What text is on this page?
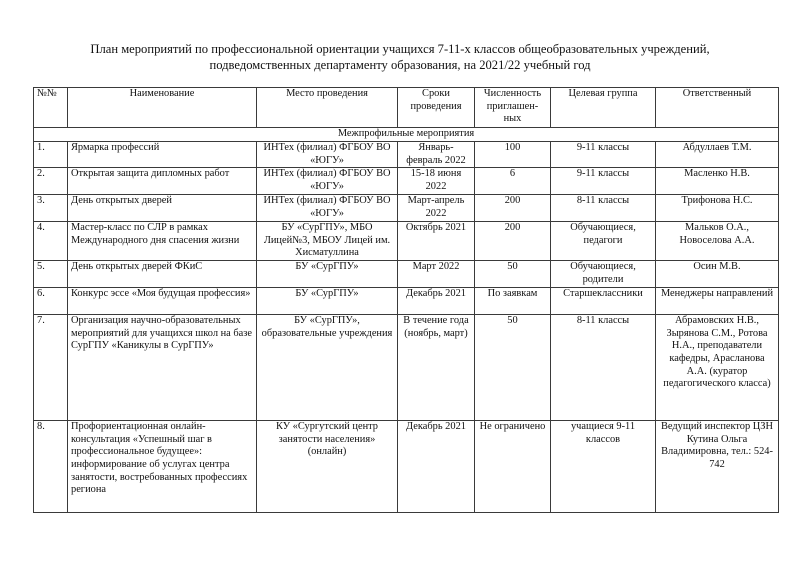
План мероприятий по профессиональной ориентации учащихся 7-11-х классов общеобразовательных учреждений,
подведомственных департаменту образования, на 2021/22 учебный год
№№	Наименование	Место проведения	Сроки проведения	Численность приглашен-ных	Целевая группа	Ответственный
Межпрофильные мероприятия						
1.	Ярмарка профессий	ИНТех (филиал) ФГБОУ ВО «ЮГУ»	Январь-февраль 2022	100	9-11 классы	Абдуллаев Т.М.
2.	Открытая защита дипломных работ	ИНТех (филиал) ФГБОУ ВО «ЮГУ»	15-18 июня 2022	6	9-11 классы	Масленко Н.В.
3.	День открытых дверей	ИНТех (филиал) ФГБОУ ВО «ЮГУ»	Март-апрель 2022	200	8-11 классы	Трифонова Н.С.
4.	Мастер-класс по СЛР в рамках Международного дня спасения жизни	БУ «СурГПУ», МБО Лицей№3, МБОУ Лицей им. Хисматуллина	Октябрь 2021	200	Обучающиеся, педагоги	Мальков О.А., Новоселова А.А.
5.	День открытых дверей ФКиС	БУ «СурГПУ»	Март 2022	50	Обучающиеся, родители	Осин М.В.
6.	Конкурс эссе «Моя будущая профессия»	БУ «СурГПУ»	Декабрь 2021	По заявкам	Старшеклассники	Менеджеры направлений
7.	Организация научно-образовательных мероприятий для учащихся школ на базе СурГПУ «Каникулы в СурГПУ»	БУ «СурГПУ», образовательные учреждения	В течение года (ноябрь, март)	50	8-11 классы	Абрамовских Н.В., Зырянова С.М., Ротова Н.А., преподаватели кафедры, Арасланова А.А. (куратор педагогического класса)
8.	Профориентационная онлайн-консультация «Успешный шаг в профессиональное будущее»: информирование об услугах центра занятости, востребованных профессиях региона	КУ «Сургутский центр занятости населения» (онлайн)	Декабрь 2021	Не ограничено	учащиеся 9-11 классов	Ведущий инспектор ЦЗН Кутина Ольга Владимировна, тел.: 524-742
